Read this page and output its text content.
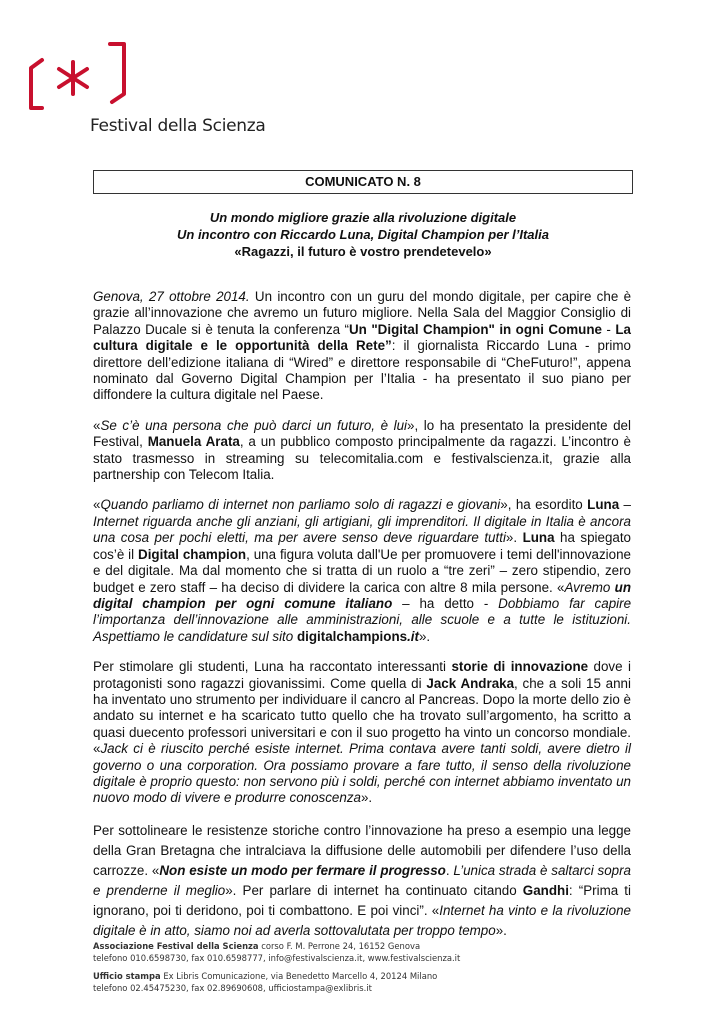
Festival della Scienza
COMUNICATO N. 8
Un mondo migliore grazie alla rivoluzione digitale
Un incontro con Riccardo Luna, Digital Champion per l’Italia
«Ragazzi, il futuro è vostro prendetevelo»

Genova, 27 ottobre 2014. Un incontro con un guru del mondo digitale, per capire che è grazie all’innovazione che avremo un futuro migliore. Nella Sala del Maggior Consiglio di Palazzo Ducale si è tenuta la conferenza “Un "Digital Champion" in ogni Comune - La cultura digitale e le opportunità della Rete”: il giornalista Riccardo Luna - primo direttore dell’edizione italiana di “Wired” e direttore responsabile di “CheFuturo!”, appena nominato dal Governo Digital Champion per l’Italia - ha presentato il suo piano per diffondere la cultura digitale nel Paese.

«Se c’è una persona che può darci un futuro, è lui», lo ha presentato la presidente del Festival, Manuela Arata, a un pubblico composto principalmente da ragazzi. L’incontro è stato trasmesso in streaming su telecomitalia.com e festivalscienza.it, grazie alla partnership con Telecom Italia.

«Quando parliamo di internet non parliamo solo di ragazzi e giovani», ha esordito Luna – Internet riguarda anche gli anziani, gli artigiani, gli imprenditori. Il digitale in Italia è ancora una cosa per pochi eletti, ma per avere senso deve riguardare tutti». Luna ha spiegato cos’è il Digital champion, una figura voluta dall'Ue per promuovere i temi dell'innovazione e del digitale. Ma dal momento che si tratta di un ruolo a “tre zeri” – zero stipendio, zero budget e zero staff – ha deciso di dividere la carica con altre 8 mila persone. «Avremo un digital champion per ogni comune italiano – ha detto - Dobbiamo far capire l’importanza dell’innovazione alle amministrazioni, alle scuole e a tutte le istituzioni. Aspettiamo le candidature sul sito digitalchampions.it».

Per stimolare gli studenti, Luna ha raccontato interessanti storie di innovazione dove i protagonisti sono ragazzi giovanissimi. Come quella di Jack Andraka, che a soli 15 anni ha inventato uno strumento per individuare il cancro al Pancreas. Dopo la morte dello zio è andato su internet e ha scaricato tutto quello che ha trovato sull’argomento, ha scritto a quasi duecento professori universitari e con il suo progetto ha vinto un concorso mondiale. «Jack ci è riuscito perché esiste internet. Prima contava avere tanti soldi, avere dietro il governo o una corporation. Ora possiamo provare a fare tutto, il senso della rivoluzione digitale è proprio questo: non servono più i soldi, perché con internet abbiamo inventato un nuovo modo di vivere e produrre conoscenza».

Per sottolineare le resistenze storiche contro l’innovazione ha preso a esempio una legge della Gran Bretagna che intralciava la diffusione delle automobili per difendere l’uso della carrozze. «Non esiste un modo per fermare il progresso. L’unica strada è saltarci sopra e prenderne il meglio». Per parlare di internet ha continuato citando Gandhi: “Prima ti ignorano, poi ti deridono, poi ti combattono. E poi vinci”. «Internet ha vinto e la rivoluzione digitale è in atto, siamo noi ad averla sottovalutata per troppo tempo».

Associazione Festival della Scienza corso F. M. Perrone 24, 16152 Genova
telefono 010.6598730, fax 010.6598777, info@festivalscienza.it, www.festivalscienza.it
Ufficio stampa Ex Libris Comunicazione, via Benedetto Marcello 4, 20124 Milano
telefono 02.45475230, fax 02.89690608, ufficiostampa@exlibris.it
